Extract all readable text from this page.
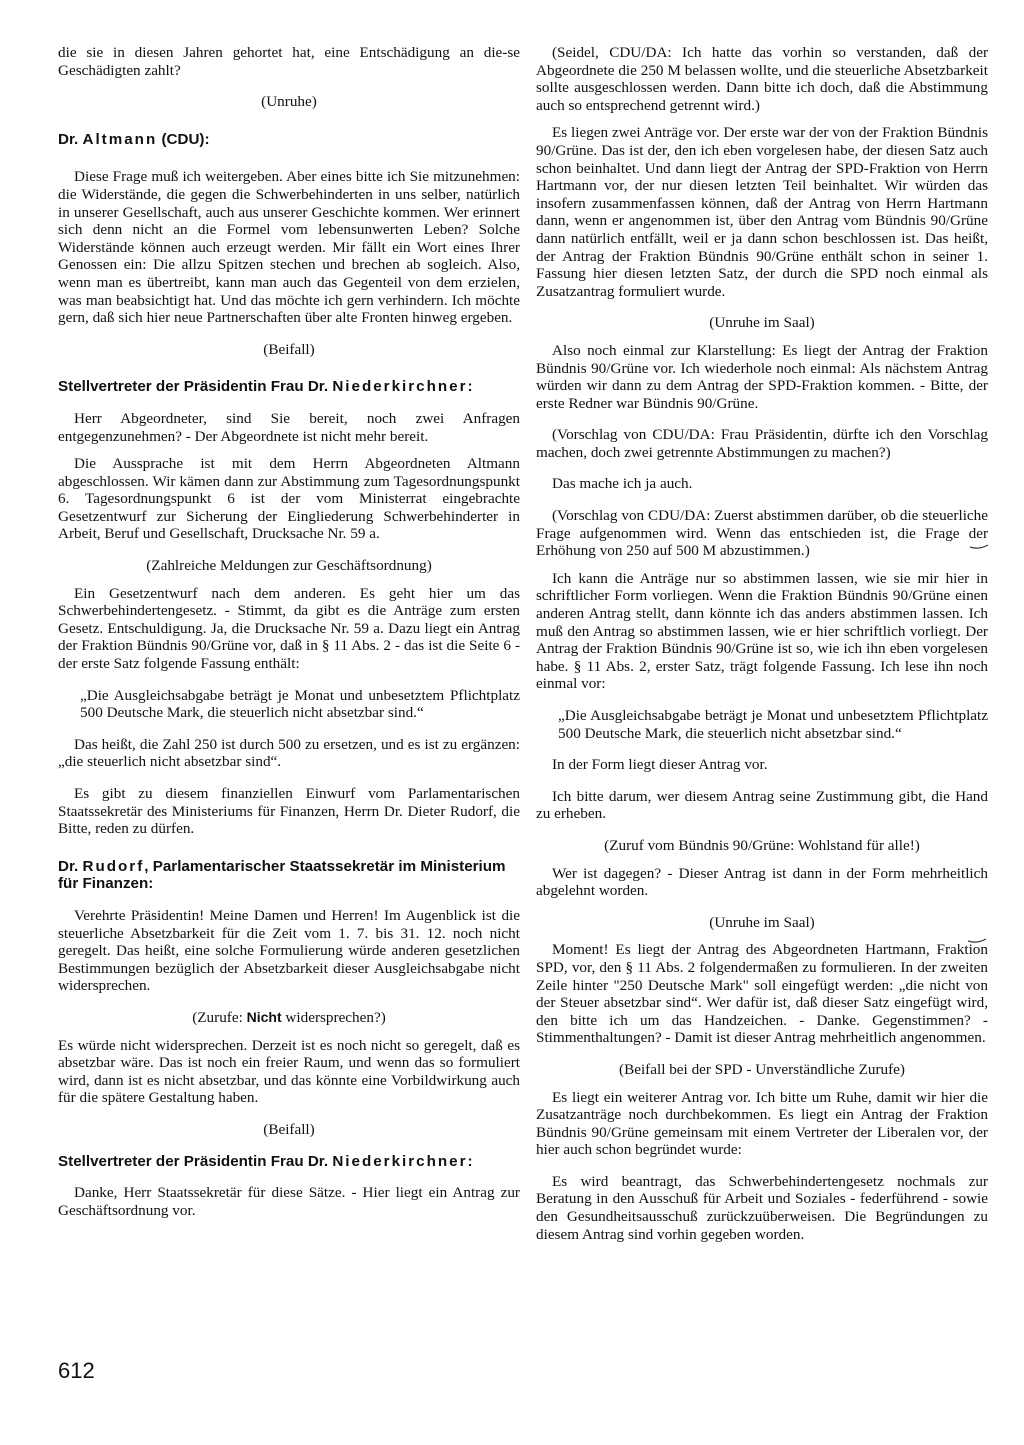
die sie in diesen Jahren gehortet hat, eine Entschädigung an die-se Geschädigten zahlt?

(Unruhe)

Dr. Altmann (CDU):

Diese Frage muß ich weitergeben. Aber eines bitte ich Sie mitzunehmen: die Widerstände, die gegen die Schwerbehinderten in uns selber, natürlich in unserer Gesellschaft, auch aus unserer Geschichte kommen. Wer erinnert sich denn nicht an die Formel vom lebensunwerten Leben? Solche Widerstände können auch erzeugt werden. Mir fällt ein Wort eines Ihrer Genossen ein: Die allzu Spitzen stechen und brechen ab sogleich. Also, wenn man es übertreibt, kann man auch das Gegenteil von dem erzielen, was man beabsichtigt hat. Und das möchte ich gern verhindern. Ich möchte gern, daß sich hier neue Partnerschaften über alte Fronten hinweg ergeben.

(Beifall)

Stellvertreter der Präsidentin Frau Dr. Niederkirchner:

Herr Abgeordneter, sind Sie bereit, noch zwei Anfragen entgegenzunehmen? - Der Abgeordnete ist nicht mehr bereit.

Die Aussprache ist mit dem Herrn Abgeordneten Altmann abgeschlossen. Wir kämen dann zur Abstimmung zum Tagesordnungspunkt 6. Tagesordnungspunkt 6 ist der vom Ministerrat eingebrachte Gesetzentwurf zur Sicherung der Eingliederung Schwerbehinderter in Arbeit, Beruf und Gesellschaft, Drucksache Nr. 59 a.

(Zahlreiche Meldungen zur Geschäftsordnung)

Ein Gesetzentwurf nach dem anderen. Es geht hier um das Schwerbehindertengesetz. - Stimmt, da gibt es die Anträge zum ersten Gesetz. Entschuldigung. Ja, die Drucksache Nr. 59 a. Dazu liegt ein Antrag der Fraktion Bündnis 90/Grüne vor, daß in § 11 Abs. 2 - das ist die Seite 6 - der erste Satz folgende Fassung enthält:

„Die Ausgleichsabgabe beträgt je Monat und unbesetztem Pflichtplatz 500 Deutsche Mark, die steuerlich nicht absetzbar sind.“

Das heißt, die Zahl 250 ist durch 500 zu ersetzen, und es ist zu ergänzen: „die steuerlich nicht absetzbar sind“.

Es gibt zu diesem finanziellen Einwurf vom Parlamentarischen Staatssekretär des Ministeriums für Finanzen, Herrn Dr. Dieter Rudorf, die Bitte, reden zu dürfen.

Dr. Rudorf, Parlamentarischer Staatssekretär im Ministerium für Finanzen:

Verehrte Präsidentin! Meine Damen und Herren! Im Augenblick ist die steuerliche Absetzbarkeit für die Zeit vom 1. 7. bis 31. 12. noch nicht geregelt. Das heißt, eine solche Formulierung würde anderen gesetzlichen Bestimmungen bezüglich der Absetzbarkeit dieser Ausgleichsabgabe nicht widersprechen.

(Zurufe: Nicht widersprechen?)

Es würde nicht widersprechen. Derzeit ist es noch nicht so geregelt, daß es absetzbar wäre. Das ist noch ein freier Raum, und wenn das so formuliert wird, dann ist es nicht absetzbar, und das könnte eine Vorbildwirkung auch für die spätere Gestaltung haben.

(Beifall)

Stellvertreter der Präsidentin Frau Dr. Niederkirchner:

Danke, Herr Staatssekretär für diese Sätze. - Hier liegt ein Antrag zur Geschäftsordnung vor.

(Seidel, CDU/DA: Ich hatte das vorhin so verstanden, daß der Abgeordnete die 250 M belassen wollte, und die steuerliche Absetzbarkeit sollte ausgeschlossen werden. Dann bitte ich doch, daß die Abstimmung auch so entsprechend getrennt wird.)

Es liegen zwei Anträge vor. Der erste war der von der Fraktion Bündnis 90/Grüne. Das ist der, den ich eben vorgelesen habe, der diesen Satz auch schon beinhaltet. Und dann liegt der Antrag der SPD-Fraktion von Herrn Hartmann vor, der nur diesen letzten Teil beinhaltet. Wir würden das insofern zusammenfassen können, daß der Antrag von Herrn Hartmann dann, wenn er angenommen ist, über den Antrag vom Bündnis 90/Grüne dann natürlich entfällt, weil er ja dann schon beschlossen ist. Das heißt, der Antrag der Fraktion Bündnis 90/Grüne enthält schon in seiner 1. Fassung hier diesen letzten Satz, der durch die SPD noch einmal als Zusatzantrag formuliert wurde.

(Unruhe im Saal)

Also noch einmal zur Klarstellung: Es liegt der Antrag der Fraktion Bündnis 90/Grüne vor. Ich wiederhole noch einmal: Als nächstem Antrag würden wir dann zu dem Antrag der SPD-Fraktion kommen. - Bitte, der erste Redner war Bündnis 90/Grüne.

(Vorschlag von CDU/DA: Frau Präsidentin, dürfte ich den Vorschlag machen, doch zwei getrennte Abstimmungen zu machen?)

Das mache ich ja auch.

(Vorschlag von CDU/DA: Zuerst abstimmen darüber, ob die steuerliche Frage aufgenommen wird. Wenn das entschieden ist, die Frage der Erhöhung von 250 auf 500 M abzustimmen.)

Ich kann die Anträge nur so abstimmen lassen, wie sie mir hier in schriftlicher Form vorliegen. Wenn die Fraktion Bündnis 90/Grüne einen anderen Antrag stellt, dann könnte ich das anders abstimmen lassen. Ich muß den Antrag so abstimmen lassen, wie er hier schriftlich vorliegt. Der Antrag der Fraktion Bündnis 90/Grüne ist so, wie ich ihn eben vorgelesen habe. § 11 Abs. 2, erster Satz, trägt folgende Fassung. Ich lese ihn noch einmal vor:

„Die Ausgleichsabgabe beträgt je Monat und unbesetztem Pflichtplatz 500 Deutsche Mark, die steuerlich nicht absetzbar sind.“

In der Form liegt dieser Antrag vor.

Ich bitte darum, wer diesem Antrag seine Zustimmung gibt, die Hand zu erheben.

(Zuruf vom Bündnis 90/Grüne: Wohlstand für alle!)

Wer ist dagegen? - Dieser Antrag ist dann in der Form mehrheitlich abgelehnt worden.

(Unruhe im Saal)

Moment! Es liegt der Antrag des Abgeordneten Hartmann, Fraktion SPD, vor, den § 11 Abs. 2 folgendermaßen zu formulieren. In der zweiten Zeile hinter "250 Deutsche Mark" soll eingefügt werden: „die nicht von der Steuer absetzbar sind“. Wer dafür ist, daß dieser Satz eingefügt wird, den bitte ich um das Handzeichen. - Danke. Gegenstimmen? - Stimmenthaltungen? - Damit ist dieser Antrag mehrheitlich angenommen.

(Beifall bei der SPD - Unverständliche Zurufe)

Es liegt ein weiterer Antrag vor. Ich bitte um Ruhe, damit wir hier die Zusatzanträge noch durchbekommen. Es liegt ein Antrag der Fraktion Bündnis 90/Grüne gemeinsam mit einem Vertreter der Liberalen vor, der hier auch schon begründet wurde:

Es wird beantragt, das Schwerbehindertengesetz nochmals zur Beratung in den Ausschuß für Arbeit und Soziales - federführend - sowie den Gesundheitsausschuß zurückzuüberweisen. Die Begründungen zu diesem Antrag sind vorhin gegeben worden.

612
